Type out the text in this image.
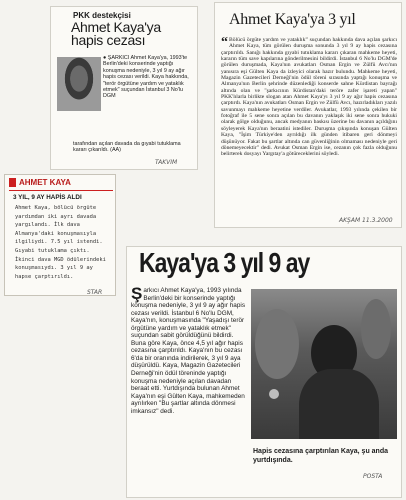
PKK destekçisi
Ahmet Kaya'ya hapis cezası
● ŞARKICI Ahmet Kaya'ya, 1993'te Berlin'deki konserinde yaptığı konuşma nedeniyle, 3 yıl 9 ay ağır hapis cezası verildi. Kaya hakkında, "terör örgütüne yardım ve yataklık etmek" suçundan İstanbul 3 No'lu DGM
tarafından açılan davada da gıyabi tutuklama kararı çıkarıldı. (AA)
TAKVIM
Ahmet Kaya'ya 3 yıl
“ Bölücü örgüte yardım ve yataklık” suçundan hakkında dava açılan şarkıcı Ahmet Kaya, tüm görülen duruşma sonunda 3 yıl 9 ay hapis cezasına çarptırıldı. Sanığı hakkında gıyabi tutuklama kararı çıkaran mahkeme heyeti, kararın tüm save kapılarına gönderilmesini bildirdi. İstanbul 6 No'lu DGM'de görülen duruşmada, Kaya'nın avukatları Osman Ergin ve Zülfü Avcı'nın yanısıra eşi Gülten Kaya da izleyici olarak hazır bulundu. Mahkeme heyeti, Magazin Gazetecileri Derneği'nin ödül töreni sırasında yaptığı konuşma ve Almanya'nın Berlin şehrinde düzenlediği konserde sahne Kürdistan bayrağı altında olan ve "şarkıcının Kürdistan'daki teröre zafer işareti yapan" PKK'lılarla birlikte slogan atan Ahmet Kaya'yı 3 yıl 9 ay ağır hapis cezasına çarptırdı. Kaya'nın avukatları Osman Ergin ve Zülfü Avcı, hazırladıkları yazılı savunmayı mahkeme heyetine verdiler. Avukatlar, 1993 yılında çekilen bir fotoğraf ile 5 sene sonra açılan bu davanın yaklaşık iki sene sonra hukuki olarak gölge olduğunu, ancak medyanın baskısı üzerine bu davanın açıldığını söyleyerek Kaya'nın beraatini istediler. Duruşma çıkışında konuşan Gülten Kaya, "İşim Türkiye'den ayrıldığı ilk günden itibaren geri dönmeyi düşünüyor. Fakat bu şartlar altında can güvenliğinin olmaması nedeniyle geri dönemeyecektir" dedi. Avukat Osman Ergin ise, cezanın çok fazla olduğunu belirterek dosyayı Yargıtay'a götüreceklerini söyledi.
AKŞAM 11.3.2000
AHMET KAYA
3 YIL, 9 AY HAPİS ALDI
Ahmet Kaya, bölücü örgüte yardımdan iki ayrı davada yargılandı. İlk dava Almanya'daki konuşmasıyla ilgiliydi. 7.5 yıl istendi. Gıyabi tutuklama çıktı. İkinci dava MGD ödülerindeki konuşmasıydı. 3 yıl 9 ay hapse çarptırıldı.
STAR
Kaya'ya 3 yıl 9 ay
Şarkıcı Ahmet Kaya'ya, 1993 yılında Berlin'deki bir konserinde yaptığı konuşma nedeniyle, 3 yıl 9 ay ağır hapis cezası verildi. İstanbul 6 No'lu DGM, Kaya'nın, konuşmasında "Yaşadışı terör örgütüne yardım ve yataklık etmek" suçundan sabit görüldüğünü bildirdi. Buna göre Kaya, önce 4,5 yıl ağır hapis cezasına çarptırıldı. Kaya'nın bu cezası 6'da bir oranında indirilerek, 3 yıl 9 aya düşürüldü. Kaya, Magazin Gazetecileri Derneği'nin ödül töreninde yaptığı konuşma nedeniyle açılan davadan beraat etti. Yurtdışında bulunan Ahmet Kaya'nın eşi Gülten Kaya, mahkemeden ayrılırken "Bu şartlar altında dönmesi imkansız" dedi.
Hapis cezasına çarptırılan Kaya, şu anda yurtdışında.
POSTA
